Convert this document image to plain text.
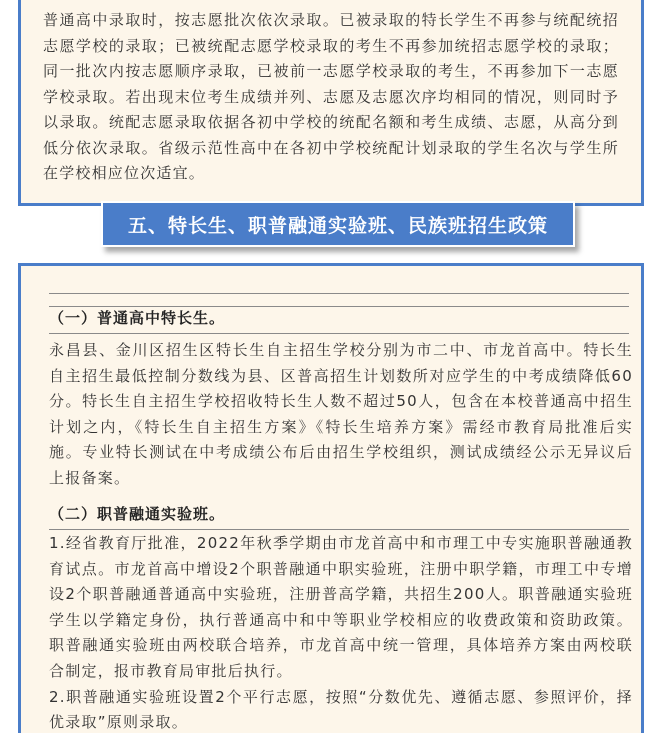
普通高中录取时，按志愿批次依次录取。已被录取的特长学生不再参与统配统招志愿学校的录取；已被统配志愿学校录取的考生不再参加统招志愿学校的录取；同一批次内按志愿顺序录取，已被前一志愿学校录取的考生，不再参加下一志愿学校录取。若出现末位考生成绩并列、志愿及志愿次序均相同的情况，则同时予以录取。统配志愿录取依据各初中学校的统配名额和考生成绩、志愿，从高分到低分依次录取。省级示范性高中在各初中学校统配计划录取的学生名次与学生所在学校相应位次适宜。

五、特长生、职普融通实验班、民族班招生政策
（一）普通高中特长生。

永昌县、金川区招生区特长生自主招生学校分别为市二中、市龙首高中。特长生自主招生最低控制分数线为县、区普高招生计划数所对应学生的中考成绩降低60分。特长生自主招生学校招收特长生人数不超过50人，包含在本校普通高中招生计划之内，《特长生自主招生方案》《特长生培养方案》需经市教育局批准后实施。专业特长测试在中考成绩公布后由招生学校组织，测试成绩经公示无异议后上报备案。

（二）职普融通实验班。

1.经省教育厅批准，2022年秋季学期由市龙首高中和市理工中专实施职普融通教育试点。市龙首高中增设2个职普融通中职实验班，注册中职学籍，市理工中专增设2个职普融通普通高中实验班，注册普高学籍，共招生200人。职普融通实验班学生以学籍定身份，执行普通高中和中等职业学校相应的收费政策和资助政策。职普融通实验班由两校联合培养，市龙首高中统一管理，具体培养方案由两校联合制定，报市教育局审批后执行。

2.职普融通实验班设置2个平行志愿，按照“分数优先、遵循志愿、参照评价，择优录取”原则录取。
